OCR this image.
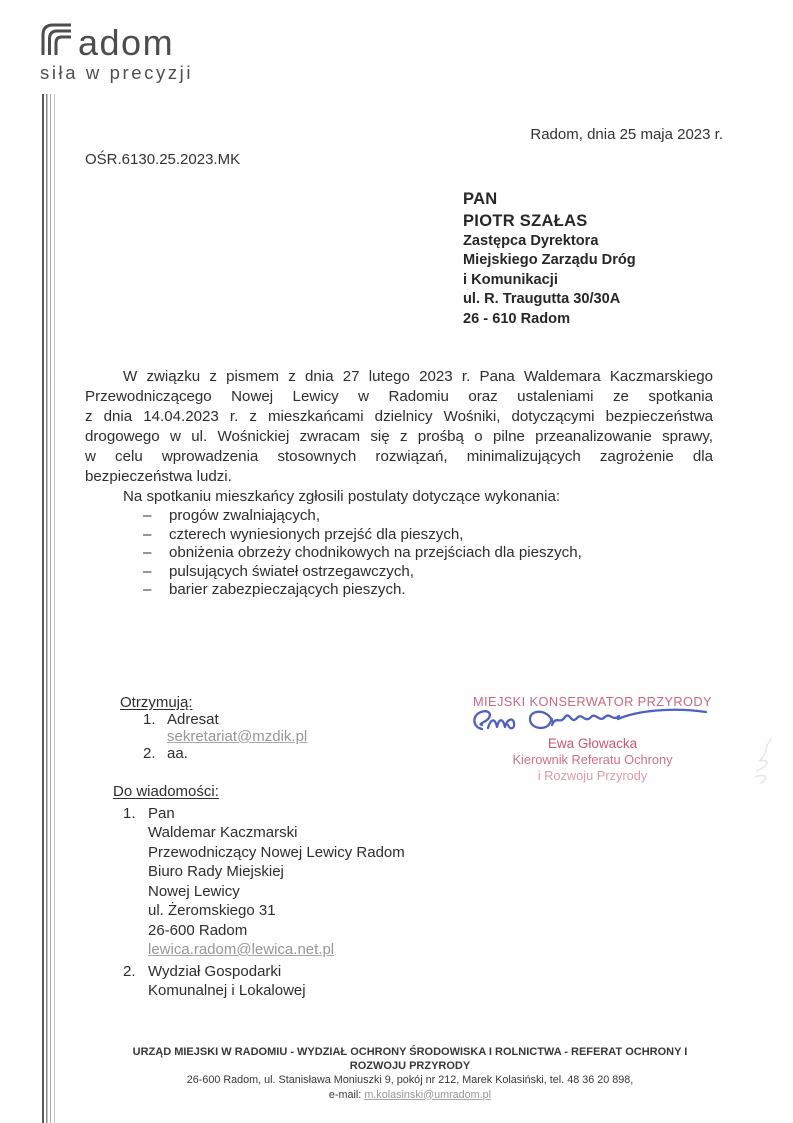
adom
siła w precyzji
Radom, dnia 25 maja 2023 r.
OŚR.6130.25.2023.MK
PAN
PIOTR SZAŁAS
Zastępca Dyrektora
Miejskiego Zarządu Dróg
i Komunikacji
ul. R. Traugutta 30/30A
26 - 610 Radom
W związku z pismem z dnia 27 lutego 2023 r. Pana Waldemara Kaczmarskiego
Przewodniczącego Nowej Lewicy w Radomiu oraz ustaleniami ze spotkania
z dnia 14.04.2023 r. z mieszkańcami dzielnicy Wośniki, dotyczącymi bezpieczeństwa
drogowego w ul. Wośnickiej zwracam się z prośbą o pilne przeanalizowanie sprawy,
w celu wprowadzenia stosownych rozwiązań, minimalizujących zagrożenie dla
bezpieczeństwa ludzi.
Na spotkaniu mieszkańcy zgłosili postulaty dotyczące wykonania:
–	progów zwalniających,
–	czterech wyniesionych przejść dla pieszych,
–	obniżenia obrzeży chodnikowych na przejściach dla pieszych,
–	pulsujących świateł ostrzegawczych,
–	barier zabezpieczających pieszych.
Otrzymują:
1. Adresat
sekretariat@mzdik.pl
2. aa.
MIEJSKI KONSERWATOR PRZYRODY
Ewa Głowacka
Kierownik Referatu Ochrony
i Rozwoju Przyrody
Do wiadomości:
1. Pan
Waldemar Kaczmarski
Przewodniczący Nowej Lewicy Radom
Biuro Rady Miejskiej
Nowej Lewicy
ul. Żeromskiego 31
26-600 Radom
lewica.radom@lewica.net.pl
2. Wydział Gospodarki
Komunalnej i Lokalowej
URZĄD MIEJSKI W RADOMIU - WYDZIAŁ OCHRONY ŚRODOWISKA I ROLNICTWA - REFERAT OCHRONY I ROZWOJU PRZYRODY
26-600 Radom, ul. Stanisława Moniuszki 9, pokój nr 212, Marek Kolasiński, tel. 48 36 20 898,
e-mail: m.kolasinski@umradom.pl
